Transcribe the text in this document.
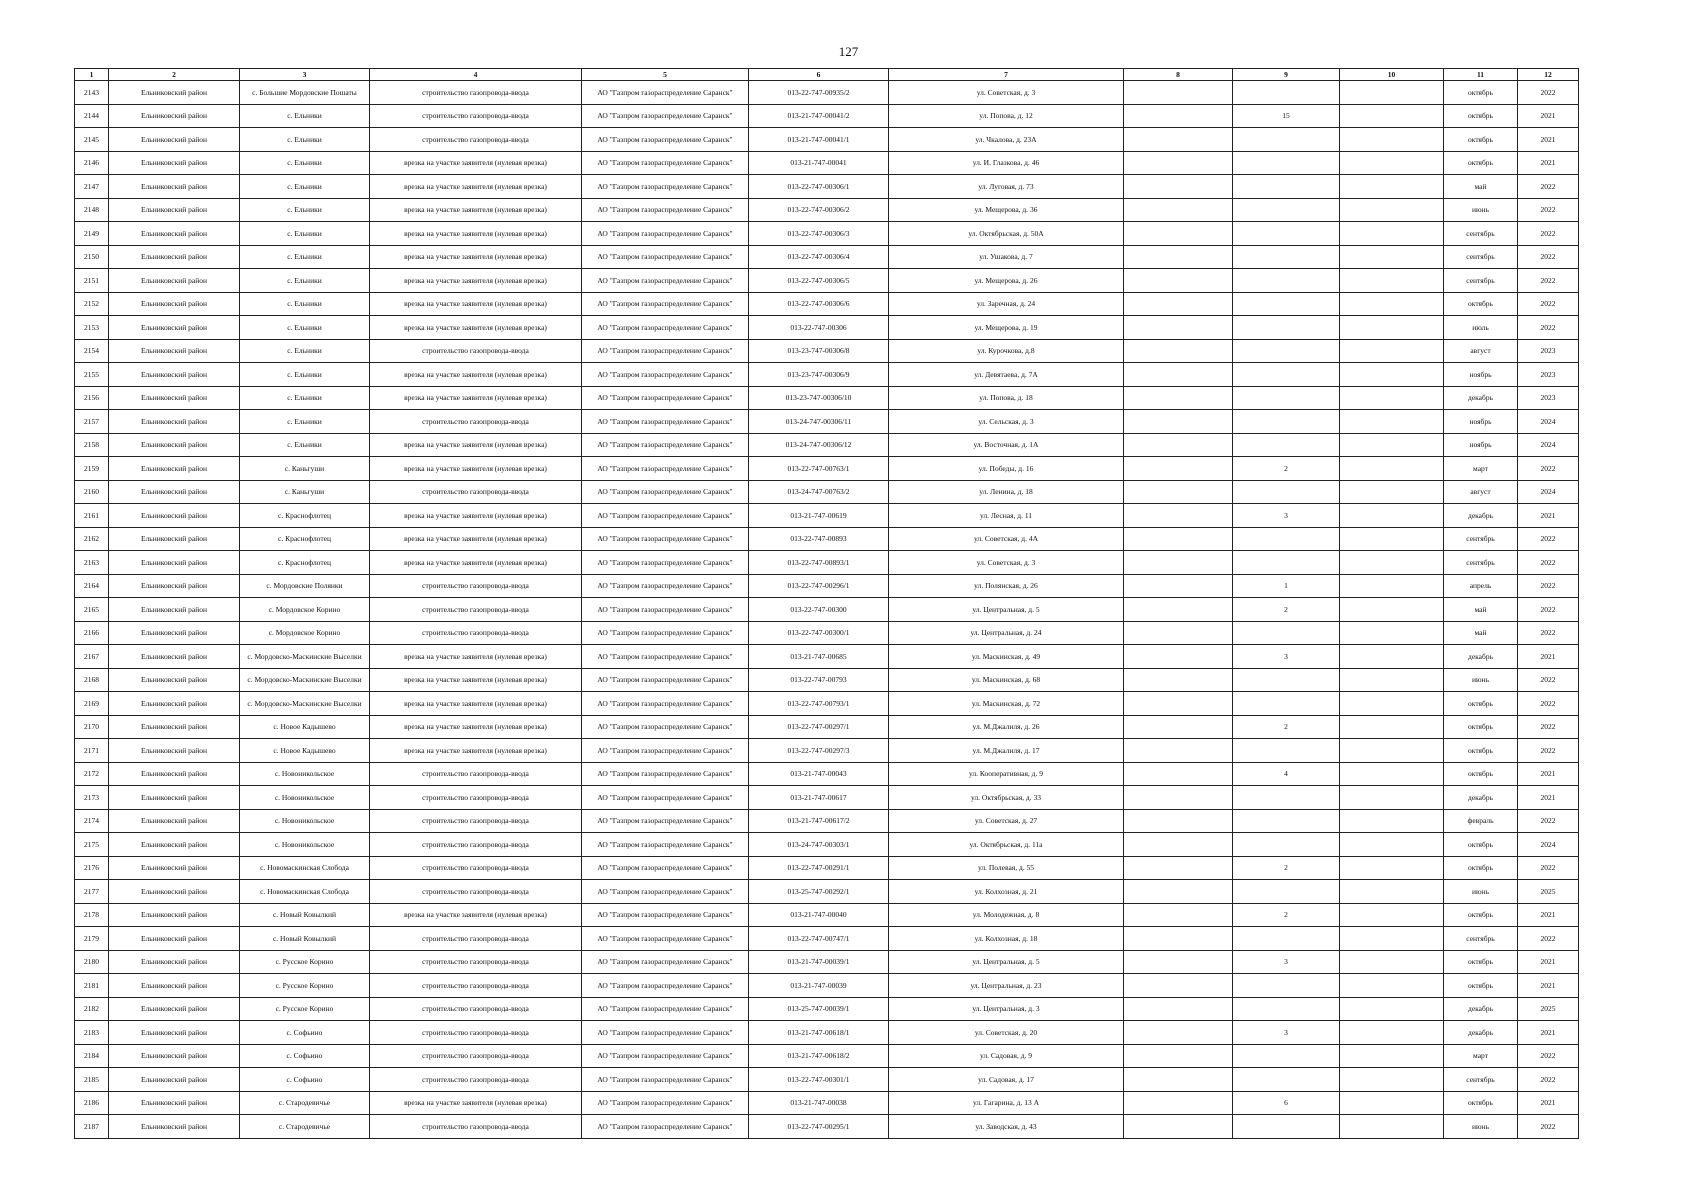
127
1	2	3	4	5	6	7	8	9	10	11	12
2143	Ельниковский район	с. Большие Мордовские Пошаты	строительство газопровода-ввода	АО "Газпром газораспределение Саранск"	013-22-747-00935/2	ул. Советская, д. 3				октябрь	2022
2144	Ельниковский район	с. Ельники	строительство газопровода-ввода	АО "Газпром газораспределение Саранск"	013-21-747-00041/2	ул. Попова, д. 12		15		октябрь	2021
2145	Ельниковский район	с. Ельники	строительство газопровода-ввода	АО "Газпром газораспределение Саранск"	013-21-747-00041/1	ул. Чкалова, д. 23А				октябрь	2021
2146	Ельниковский район	с. Ельники	врезка на участке заявителя (нулевая врезка)	АО "Газпром газораспределение Саранск"	013-21-747-00041	ул. И. Глазкова, д. 46				октябрь	2021
2147	Ельниковский район	с. Ельники	врезка на участке заявителя (нулевая врезка)	АО "Газпром газораспределение Саранск"	013-22-747-00306/1	ул. Луговая, д. 73				май	2022
2148	Ельниковский район	с. Ельники	врезка на участке заявителя (нулевая врезка)	АО "Газпром газораспределение Саранск"	013-22-747-00306/2	ул. Мещерова, д. 36				июнь	2022
2149	Ельниковский район	с. Ельники	врезка на участке заявителя (нулевая врезка)	АО "Газпром газораспределение Саранск"	013-22-747-00306/3	ул. Октябрьская, д. 50А				сентябрь	2022
2150	Ельниковский район	с. Ельники	врезка на участке заявителя (нулевая врезка)	АО "Газпром газораспределение Саранск"	013-22-747-00306/4	ул. Ушакова, д. 7				сентябрь	2022
2151	Ельниковский район	с. Ельники	врезка на участке заявителя (нулевая врезка)	АО "Газпром газораспределение Саранск"	013-22-747-00306/5	ул. Мещерова, д. 26				сентябрь	2022
2152	Ельниковский район	с. Ельники	врезка на участке заявителя (нулевая врезка)	АО "Газпром газораспределение Саранск"	013-22-747-00306/6	ул. Заречная, д. 24				октябрь	2022
2153	Ельниковский район	с. Ельники	врезка на участке заявителя (нулевая врезка)	АО "Газпром газораспределение Саранск"	013-22-747-00306	ул. Мещерова, д. 19				июль	2022
2154	Ельниковский район	с. Ельники	строительство газопровода-ввода	АО "Газпром газораспределение Саранск"	013-23-747-00306/8	ул. Курочкова, д.8				август	2023
2155	Ельниковский район	с. Ельники	врезка на участке заявителя (нулевая врезка)	АО "Газпром газораспределение Саранск"	013-23-747-00306/9	ул. Девятаева, д. 7А				ноябрь	2023
2156	Ельниковский район	с. Ельники	врезка на участке заявителя (нулевая врезка)	АО "Газпром газораспределение Саранск"	013-23-747-00306/10	ул. Попова, д. 18				декабрь	2023
2157	Ельниковский район	с. Ельники	строительство газопровода-ввода	АО "Газпром газораспределение Саранск"	013-24-747-00306/11	ул. Сельская, д. 3				ноябрь	2024
2158	Ельниковский район	с. Ельники	врезка на участке заявителя (нулевая врезка)	АО "Газпром газораспределение Саранск"	013-24-747-00306/12	ул. Восточная, д. 1А				ноябрь	2024
2159	Ельниковский район	с. Каньгуши	врезка на участке заявителя (нулевая врезка)	АО "Газпром газораспределение Саранск"	013-22-747-00763/1	ул. Победы, д. 16		2		март	2022
2160	Ельниковский район	с. Каньгуши	строительство газопровода-ввода	АО "Газпром газораспределение Саранск"	013-24-747-00763/2	ул. Ленина, д. 18				август	2024
2161	Ельниковский район	с. Краснофлотец	врезка на участке заявителя (нулевая врезка)	АО "Газпром газораспределение Саранск"	013-21-747-00619	ул. Лесная, д. 11		3		декабрь	2021
2162	Ельниковский район	с. Краснофлотец	врезка на участке заявителя (нулевая врезка)	АО "Газпром газораспределение Саранск"	013-22-747-00893	ул. Советская, д. 4А				сентябрь	2022
2163	Ельниковский район	с. Краснофлотец	врезка на участке заявителя (нулевая врезка)	АО "Газпром газораспределение Саранск"	013-22-747-00893/1	ул. Советская, д. 3				сентябрь	2022
2164	Ельниковский район	с. Мордовские Полянки	строительство газопровода-ввода	АО "Газпром газораспределение Саранск"	013-22-747-00296/1	ул. Полянская, д. 26		1		апрель	2022
2165	Ельниковский район	с. Мордовское Корино	строительство газопровода-ввода	АО "Газпром газораспределение Саранск"	013-22-747-00300	ул. Центральная, д. 5		2		май	2022
2166	Ельниковский район	с. Мордовское Корино	строительство газопровода-ввода	АО "Газпром газораспределение Саранск"	013-22-747-00300/1	ул. Центральная, д. 24				май	2022
2167	Ельниковский район	с. Мордовско-Маскинские Выселки	врезка на участке заявителя (нулевая врезка)	АО "Газпром газораспределение Саранск"	013-21-747-00685	ул. Маскинская, д. 49		3		декабрь	2021
2168	Ельниковский район	с. Мордовско-Маскинские Выселки	врезка на участке заявителя (нулевая врезка)	АО "Газпром газораспределение Саранск"	013-22-747-00793	ул. Маскинская, д. 68				июнь	2022
2169	Ельниковский район	с. Мордовско-Маскинские Выселки	врезка на участке заявителя (нулевая врезка)	АО "Газпром газораспределение Саранск"	013-22-747-00793/1	ул. Маскинская, д. 72				октябрь	2022
2170	Ельниковский район	с. Новое Кадышево	врезка на участке заявителя (нулевая врезка)	АО "Газпром газораспределение Саранск"	013-22-747-00297/1	ул. М.Джалиля, д. 26		2		октябрь	2022
2171	Ельниковский район	с. Новое Кадышево	врезка на участке заявителя (нулевая врезка)	АО "Газпром газораспределение Саранск"	013-22-747-00297/3	ул. М.Джалиля, д. 17				октябрь	2022
2172	Ельниковский район	с. Новоникольское	строительство газопровода-ввода	АО "Газпром газораспределение Саранск"	013-21-747-00043	ул. Кооперативная, д. 9		4		октябрь	2021
2173	Ельниковский район	с. Новоникольское	строительство газопровода-ввода	АО "Газпром газораспределение Саранск"	013-21-747-00617	ул. Октябрьская, д. 33				декабрь	2021
2174	Ельниковский район	с. Новоникольское	строительство газопровода-ввода	АО "Газпром газораспределение Саранск"	013-21-747-00617/2	ул. Советская, д. 27				февраль	2022
2175	Ельниковский район	с. Новоникольское	строительство газопровода-ввода	АО "Газпром газораспределение Саранск"	013-24-747-00303/1	ул. Октябрьская, д. 11а				октябрь	2024
2176	Ельниковский район	с. Новомаскинская Слобода	строительство газопровода-ввода	АО "Газпром газораспределение Саранск"	013-22-747-00291/1	ул. Полевая, д. 55		2		октябрь	2022
2177	Ельниковский район	с. Новомаскинская Слобода	строительство газопровода-ввода	АО "Газпром газораспределение Саранск"	013-25-747-00292/1	ул. Колхозная, д. 21				июнь	2025
2178	Ельниковский район	с. Новый Ковылкий	врезка на участке заявителя (нулевая врезка)	АО "Газпром газораспределение Саранск"	013-21-747-00040	ул. Молодежная, д. 8		2		октябрь	2021
2179	Ельниковский район	с. Новый Ковылкий	строительство газопровода-ввода	АО "Газпром газораспределение Саранск"	013-22-747-00747/1	ул. Колхозная, д. 18				сентябрь	2022
2180	Ельниковский район	с. Русское Корино	строительство газопровода-ввода	АО "Газпром газораспределение Саранск"	013-21-747-00039/1	ул. Центральная, д. 5		3		октябрь	2021
2181	Ельниковский район	с. Русское Корино	строительство газопровода-ввода	АО "Газпром газораспределение Саранск"	013-21-747-00039	ул. Центральная, д. 23				октябрь	2021
2182	Ельниковский район	с. Русское Корино	строительство газопровода-ввода	АО "Газпром газораспределение Саранск"	013-25-747-00039/1	ул. Центральная, д. 3				декабрь	2025
2183	Ельниковский район	с. Софьино	строительство газопровода-ввода	АО "Газпром газораспределение Саранск"	013-21-747-00618/1	ул. Советская, д. 20		3		декабрь	2021
2184	Ельниковский район	с. Софьино	строительство газопровода-ввода	АО "Газпром газораспределение Саранск"	013-21-747-00618/2	ул. Садовая, д. 9				март	2022
2185	Ельниковский район	с. Софьино	строительство газопровода-ввода	АО "Газпром газораспределение Саранск"	013-22-747-00301/1	ул. Садовая, д. 17				сентябрь	2022
2186	Ельниковский район	с. Стародевичье	врезка на участке заявителя (нулевая врезка)	АО "Газпром газораспределение Саранск"	013-21-747-00038	ул. Гагарина, д. 13 А		6		октябрь	2021
2187	Ельниковский район	с. Стародевичье	строительство газопровода-ввода	АО "Газпром газораспределение Саранск"	013-22-747-00295/1	ул. Заводская, д. 43				июнь	2022
